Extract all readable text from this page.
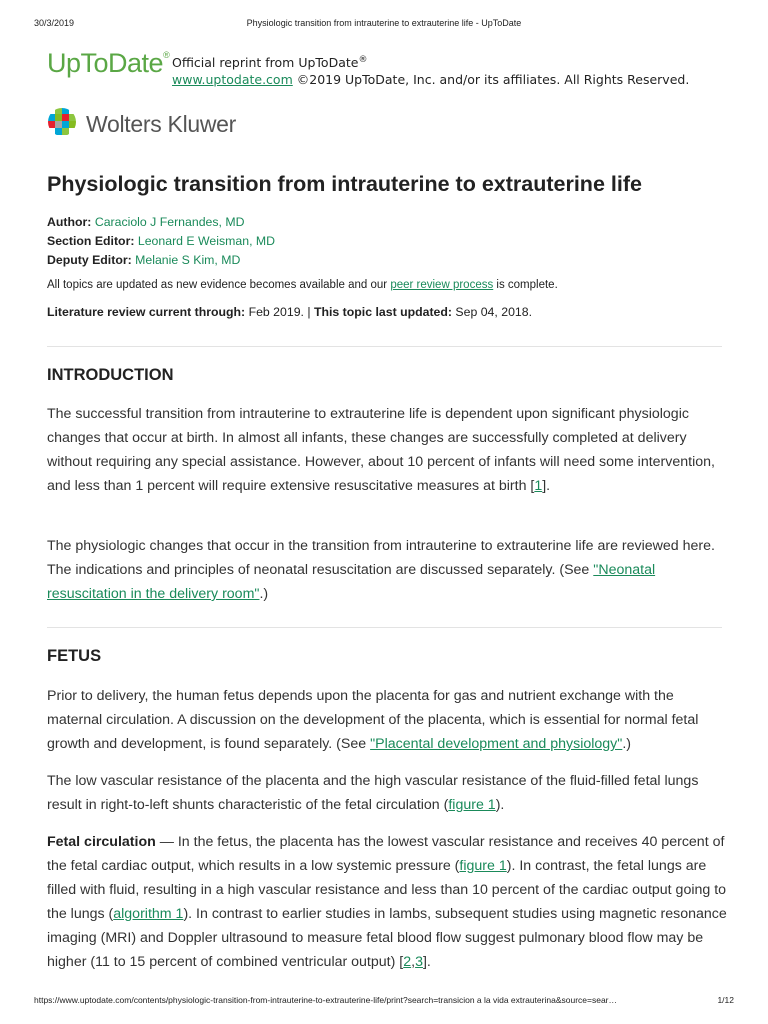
30/3/2019	Physiologic transition from intrauterine to extrauterine life - UpToDate
UpToDate®
Official reprint from UpToDate®
www.uptodate.com ©2019 UpToDate, Inc. and/or its affiliates. All Rights Reserved.
Wolters Kluwer
Physiologic transition from intrauterine to extrauterine life
Author: Caraciolo J Fernandes, MD
Section Editor: Leonard E Weisman, MD
Deputy Editor: Melanie S Kim, MD
All topics are updated as new evidence becomes available and our peer review process is complete.
Literature review current through: Feb 2019. | This topic last updated: Sep 04, 2018.
INTRODUCTION

The successful transition from intrauterine to extrauterine life is dependent upon significant physiologic changes that occur at birth. In almost all infants, these changes are successfully completed at delivery without requiring any special assistance. However, about 10 percent of infants will need some intervention, and less than 1 percent will require extensive resuscitative measures at birth [1].

The physiologic changes that occur in the transition from intrauterine to extrauterine life are reviewed here. The indications and principles of neonatal resuscitation are discussed separately. (See "Neonatal resuscitation in the delivery room".)

FETUS

Prior to delivery, the human fetus depends upon the placenta for gas and nutrient exchange with the maternal circulation. A discussion on the development of the placenta, which is essential for normal fetal growth and development, is found separately. (See "Placental development and physiology".)

The low vascular resistance of the placenta and the high vascular resistance of the fluid-filled fetal lungs result in right-to-left shunts characteristic of the fetal circulation (figure 1).

Fetal circulation — In the fetus, the placenta has the lowest vascular resistance and receives 40 percent of the fetal cardiac output, which results in a low systemic pressure (figure 1). In contrast, the fetal lungs are filled with fluid, resulting in a high vascular resistance and less than 10 percent of the cardiac output going to the lungs (algorithm 1). In contrast to earlier studies in lambs, subsequent studies using magnetic resonance imaging (MRI) and Doppler ultrasound to measure fetal blood flow suggest pulmonary blood flow may be higher (11 to 15 percent of combined ventricular output) [2,3].

https://www.uptodate.com/contents/physiologic-transition-from-intrauterine-to-extrauterine-life/print?search=transicion a la vida extrauterina&source=sear…	1/12
